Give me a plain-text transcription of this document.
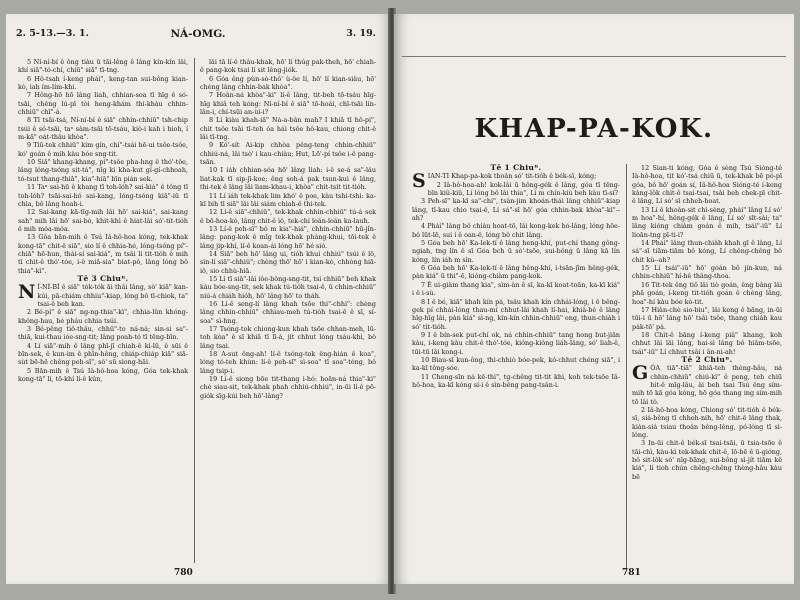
2. 5-13.—3. 1.	NÁ-OMG.	3. 19.

5 Ní-ní-bí ê ông tiàu ū tāi-lêng ê lâng kín-kín lâi, khí siā"-tó-chí, chiū" siā" tī-tng.

6 Hô-tsah í-keng phái", keng-tan sui-bông kian-kò, iah ím-lím-khi.

7 Hông-hō hō lâng liah, chhian-soa tī hīg ê só-tsāi, chêng lú-pī tòi heng-khám thi-khàu chhin-chhiū" chī"-á.

8 Tī tsāi-tsá, Ní-ní-bí ê siā" chhin-chhiū" tsh-chip tsúi ê só-tsāi, taⁿ sàm-tsāi tō-tsáu, kiò-i kah i hioh, í m-kā" oát-thâu khòa".

9 Tiū-tek chhiū" kim gín, chí"-tsái hē-ui tsôe-tsôe, kó' goán ê mih kàu bóe sng-tit.

10 Siā" khang-khang, pí"-tsôe pha-hng ê thó'-tôe, lâng lóng-tsóng sit-tá", nīg ki kha-kut gí-gí-chhoah, tó-tsut thang-thiā", kia"-hiā" bīn pián sek.

11 Taⁿ sai-hū ê khang tī toh-lóh? sai-kiá" ê tông tī toh-lóh? tsāi-sai-hó sai-kang, lóng-tsóng kiā"-iū tī chia, bô lâng hoah-i.

12 Sai-kang kā-tīg-mih lâi hō' sai-kiá", sai-kang sah" mih lâi hō' sai-bó, khit-khì ê hiat-lâi só'-tit-tióh ê mih móa-móa.

13 Gôa bān-mih ê Tsú Iâ-hô-hoa kóng, tek-khak kong-tā" chit-ê siā", sio lí ê chhia-hé, lóng-tsóng pí"-chiā" hē-hun, thái-sí sai-kiá", m tsâi lí tit-tióh ê mih tī chit-ê thó'-tóe, i-ê miā-sia" biat-pô, lâng lóng bô thia"-kì".

Tē 3 Chiuⁿ.

N Í-NÍ-BÍ ê siā" tók-tók āi thâi lâng, sò' kiā" kan-kúi, pā-chiám chhiu"-kiap, lóng bô tī-chiok, ta" tsai-ê beh kan.

2 Bé-pí" ê siā" ng-ng-thia"-kì", chhia-lûn khóng-khóng-hau, bé pháu chhia tsúi.

3 Bé-pêng tiô-thâu, chhū"-to ná-ná; sin-si sa"-thiā, kui-thau ióe-sng-tit; lâng poah-tó tī tēng-bīn.

4 Lí siā"-mih ê lâng phī-jī chiah-ê ki-lū, ê sūi ê bīn-sek, ê kun-im ê phīn-hêng, chiáp-chiáp kiā" siā-sùt bē-hē chêng peh-sī", só' sū siong-hāi.

5 Bān-mih ê Tsú Iâ-hô-hoa kóng, Góa tek-khak kong-tā" lí, tō-khí lí-ê kûn,

lâi tā lí-ê thâu-khak, hō' lí thúg pak-theh, hō' chiah-ê pang-kok tsai lí sit lêng-jiók.

6 Góa êng pùn-sò-thó' ù-ôe lí, hō' lí kian-siàu, hō' chèng lâng chhin-bak khòa".

7 Hoân-ná khòa"-ki" lí-ê lâng, tit-beh tō-tsáu hīg-hīg khiâ teh kóng: Ní-ní-bí ê siā" tō-hoái, chī-tsāi lín-lân-i, chí-tsūi an-ùi-i?

8 Lí kiàu khah-iā" Ná-a-bân mah? I khiā tī hô-pi", chit tsôe tsāi tī-teh óa hái tsôe hô-kau, chiong chit-ê lâi tī-tng.

9 Kó'-sít Ai-kip chhòa pêng-teng chhin-chhiū" chhiú-ná, lâi tsò' i kau-chiàu; Hut, Lō'-pí tsôe i-ê pang-tsān.

10 I iáh chhian-sóa hō' lâng liah: i-ê se-á sa"-lâu liat-kak tī sip-jī-koe; êng soh-á pak tsun-kui ê lâng, thi-tek ê lâng lâi liam-khau-i, khòa" chit-tsit tit-tióh.

11 Lí iáh tek-khak lim khó' ê poe, kàu tshi-tshi: ka-kī bih tī siā" lâi lâi siám chiah-ê thi-tek.

12 Lí-ê siā"-chhiū", tek-khak chhin-chhiū" tú-á sek ê bō-hoa-kó, lâng chit-ê ìô, tek-chí loán-loán ka-lauh.

13 Lí-ê peh-sī" bô m kia"-hiá", chhin-chhiū" hū-jîn-lâng: pang-kok ê mīg tek-khak pháng-khui, tōi-tek ê lâng jip-khí, lí-ê koan-ái lóng hō' hé sió.

14 Siā" beh hō' lâng ui, tióh khui chhiú" tsúi ê lô, sin-lí siā"-chhiû"; chèng thō' hō' i kian-kò, chhòng hiā-iô, sio chhù-hiā.

15 Lí tī siā"-lâi iôe-bông-sng-tit, tsi chhiū" beh khak kàu bóe-sng-tit, sek khak tú-tióh tsai-ê, ū chhin-chhiū" niú-á chiáh hióh, hō' lâng hō' to tháh.

16 Lí-ê seng-lí lâng khah tsōe thi"-chhi": chèng lâng chhin-chhiū" chhiau-meh tú-tióh tsai-ê ê sī, sí-soa" sì-hng.

17 Tsóng-tok chiong-kun khah tsōe chhan-meh, lū-toh kòa" ê sī khiā tī lī-á, jit chhut lóng tsáu-khì, bô lâng tsai.

18 A-sut ông-ah! lí-ê tsóng-tok êng-hián ê koa", lóng tó-teh khùn: lí-ê peh-sī" sì-soa" tī soa"-téng, bô lâng tsip-i.

19 Lí-ê siong bōe tit-thang i-hó: hoān-ná thia"-ki" ché siau-sit, tek-khak phah chhiú-chhiú", in-ūi lí-ê pō-giók sīg-kúi beh hō'-lâng?

780
KHAP-PA-KOK.

Tē 1 Chiuⁿ.

SIAN-TI Khap-pa-kok thoân só' tit-tióh ê bék-sī, kóng;

2 Iâ-hô-hoa-ah! kok-lâi ū hông-gék ê lâng, góa tī tēng-bīn kiû-kiû, Lí lóng bô lâi thia", Lí m chín-kiù beh kàu tī-sí?

3 Peh-sī" ka-kī sa"-chi", tsân-jim khoán-thái lâng chhiū"-kiap lâng, tī-kau chio tsai-ê, Lí sá"-sī hō' góa chhin-bak khòa"-kì"--ah?

4 Phái" lâng bô chiàu hoat-tō, lâi kong-kek hó-lâng, lóng hōe-bô lūt-lē, sui í ê oan-ê, lóng bô chit lâng.

5 Góa beh hō' Ka-lek-tí ê lâng heng-khí, put-chí thang gông-ngiah, tng lín ê sī Góa bch ū sò'-tsōe, sui-bông ū lâng kā lín kóng, lín iáh m sìn.

6 Góa beh hō' Ka-lek-tí ê lâng hêng-khí, i-tsān-jîm hêng-gék, pàn kiá" ū thi"-ē, kióng-chiàm pang-kok.

7 Ê ui-giàm thang kia", sìm-àn ê sī, ka-kī koat-toān, ka-kī kiá" i ê i-sù.

8 I ê bé, kiā" khah kín pá, tsâu khah kín chhái-lóng, i ê bêng-gek pí chhái-lóng thau-mí chhut-lâi khah lí-hai, khiâ-bé ê lâng hīg-hīg lâi, pàn kiá" sì-ng, kín-kín chhin-chhiū" eng, thun-chiàh i só' tit-tióh.

9 I ê bín-sek put-chí ok, ná chhin-chhiū" tang hong but-jiān kàu, i-keng kàu chit-ê thó'-tóe, kióng-kióng liáh-lâng, só' liah-ê, tūi-tū lâi kong-i.

10 Biau-sī kun-ông, thi-chhiò bóe-pek, kó-chhut chéng siā", i ka-kī tông-sóe.

11 Cheng-sīn ná kē-thi", tg-chêng tit-tit khì, koh tek-tsōe Iâ-hô-hoa, ka-kī kóng sí-i ê sìn-bêng pang-tsân-i.

12 Sian-ti kóng, Góa ê sèng Tsú Sióng-té Iâ-hô-hoa, tit kó'-tsá chiū ū, tek-khak bē pó-pī góa, bô hō' goán sí, Iâ-hô-hoa Sióng-té í-keng kàng-lôk chit-ê tsai-tsai, tsài beh chek-pī chit-ê lâng, Lí só' sī chheh-hoat.

13 Lí ê khoàn-sit chì-sèng, phái" lâng Lí só' m hoa"-hí, hêng-gék ê lâng, Lí só' sīt-sài; ta" lâng kióng chiàm goán ê mih, tsái"-iū" Lí lioān-tng pī-ti-i?

14 Phái" lâng thun-chiàh khah gī ê lâng, Lí sá"-sī tiām-tiām bô kóng, Lí chêng-chêng bô chit kù--ah?

15 Lí tsái"-iū" hō' goán bô jín-kun, ná chhin-chhiū" hí-hê thâng-thoa.

16 Tit-tek êng tiô lâi tiò goán, êng bâng lâi phā goán, í-keng tit-tióh goán ê chèng lâng, hoa"-hí kàu bóe kò-tit.

17 Hiàn-chè sio-biu", lâi keng ê bāng, in-ūi tūi-i ū hō' lâng hō' tsâi tsôe, thang chiáh kau pák-tō' pá.

18 Chit-ê bāng í-keng piâ" khang, koh chhut lâi lâi lâng, hai-sì lâng bô hiâm-tsōe, tsái"-iū" Lí chhut tsâi i ân-ni-ah!

Tē 2 Chiuⁿ.

GÓA tiā"-tiā" khiā-teh thèng-hâu, ná chhin-chhiū" chiú-kì" ê peng, teh chiū hit-ê mīg-lâu, ài beh tsai Tsú êng sím-mih tō kā góa kóng, hō góa thang ing sím-mih tō lâi tò.

2 Iâ-hô-hoa kóng, Chiong só' tit-tióh ê bék-sī, siá-bêng tī chheh-nih, hō' chit-ê lâng thak, kiàn-siá tsiau thoân bêng-lêng, pó-lóng tī sì-lóng.

3 In-ūi chit-ê bék-sī tsai-tsāi, ū tsia-tsōe ê tāi-chì, kàu-kì tek-khak chit-ê, lō-bē ê ū-gióng, bô sit-lôk só' nīg-bāng, sui-bông sì-jít tiām kê kiá", lí tioh chún chêng-chêng thèng-hâu kàu bē

781
